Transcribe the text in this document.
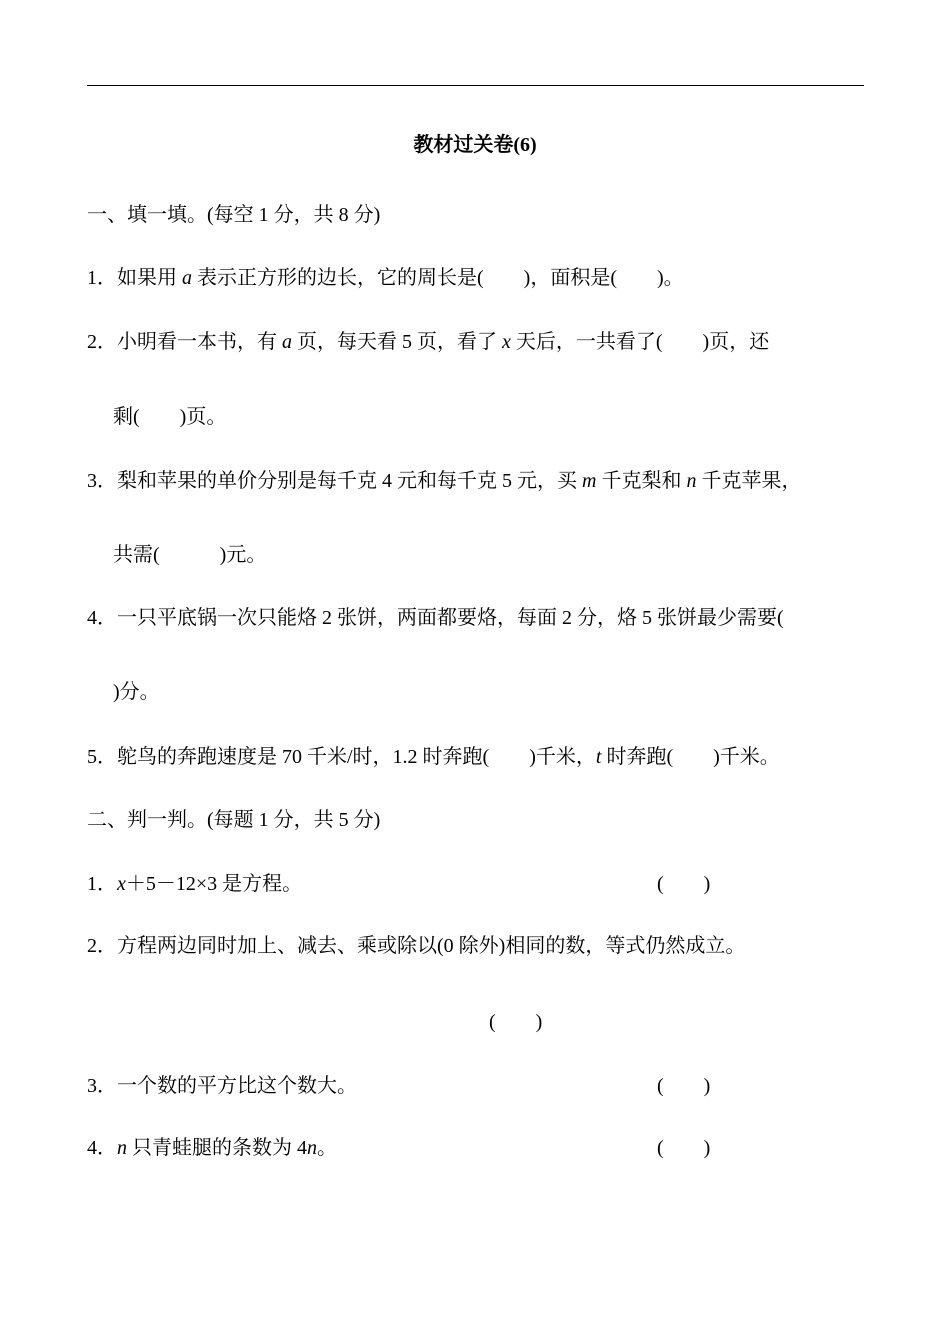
教材过关卷(6)
一、填一填。(每空 1 分，共 8 分)
1．如果用 a 表示正方形的边长，它的周长是(        )，面积是(        )。
2．小明看一本书，有 a 页，每天看 5 页，看了 x 天后，一共看了(        )页，还
剩(        )页。
3．梨和苹果的单价分别是每千克 4 元和每千克 5 元，买 m 千克梨和 n 千克苹果，
共需(            )元。
4．一只平底锅一次只能烙 2 张饼，两面都要烙，每面 2 分，烙 5 张饼最少需要(
)分。
5．鸵鸟的奔跑速度是 70 千米/时，1.2 时奔跑(        )千米，t 时奔跑(        )千米。
二、判一判。(每题 1 分，共 5 分)
1．x＋5－12×3 是方程。
2．方程两边同时加上、减去、乘或除以(0 除外)相同的数，等式仍然成立。
3．一个数的平方比这个数大。
4．n 只青蛙腿的条数为 4n。
(        )
(        )
(        )
(        )
